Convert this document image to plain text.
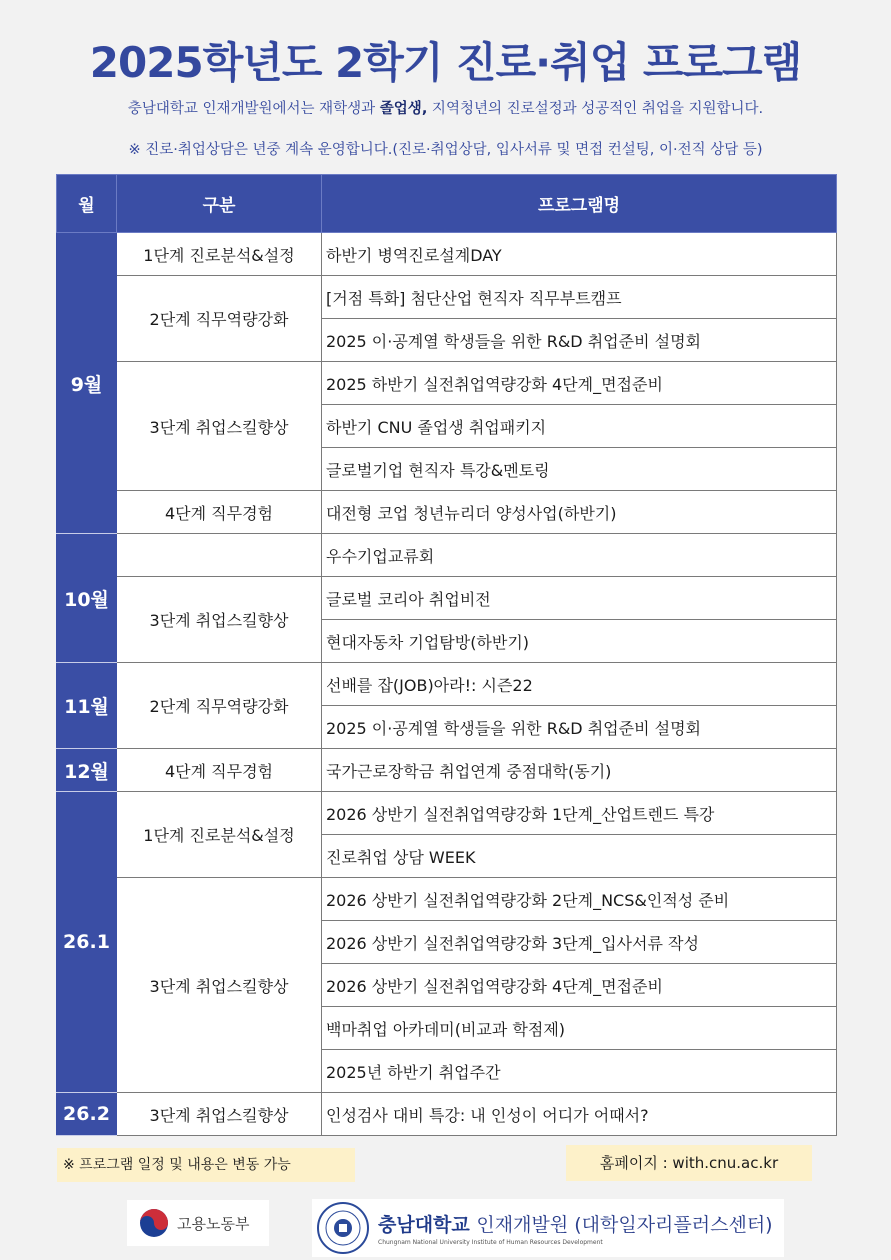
2025학년도 2학기 진로·취업 프로그램
충남대학교 인재개발원에서는 재학생과 졸업생, 지역청년의 진로설정과 성공적인 취업을 지원합니다.
※ 진로·취업상담은 년중 계속 운영합니다.(진로·취업상담, 입사서류 및 면접 컨설팅, 이·전직 상담 등)
월	구분	프로그램명
9월	1단계 진로분석&설정	하반기 병역진로설계DAY
	2단계 직무역량강화	[거점 특화] 첨단산업 현직자 직무부트캠프
		2025 이·공계열 학생들을 위한 R&D 취업준비 설명회
	3단계 취업스킬향상	2025 하반기 실전취업역량강화 4단계_면접준비
		하반기 CNU 졸업생 취업패키지
		글로벌기업 현직자 특강&멘토링
	4단계 직무경험	대전형 코업 청년뉴리더 양성사업(하반기)
10월		우수기업교류회
	3단계 취업스킬향상	글로벌 코리아 취업비전
		현대자동차 기업탐방(하반기)
11월	2단계 직무역량강화	선배를 잡(JOB)아라!: 시즌22
		2025 이·공계열 학생들을 위한 R&D 취업준비 설명회
12월	4단계 직무경험	국가근로장학금 취업연계 중점대학(동기)
26.1	1단계 진로분석&설정	2026 상반기 실전취업역량강화 1단계_산업트렌드 특강
		진로취업 상담 WEEK
	3단계 취업스킬향상	2026 상반기 실전취업역량강화 2단계_NCS&인적성 준비
		2026 상반기 실전취업역량강화 3단계_입사서류 작성
		2026 상반기 실전취업역량강화 4단계_면접준비
		백마취업 아카데미(비교과 학점제)
		2025년 하반기 취업주간
26.2	3단계 취업스킬향상	인성검사 대비 특강: 내 인성이 어디가 어때서?
※ 프로그램 일정 및 내용은 변동 가능	홈페이지 : with.cnu.ac.kr
고용노동부	충남대학교 인재개발원 (대학일자리플러스센터)
Chungnam National University Institute of Human Resources Development
